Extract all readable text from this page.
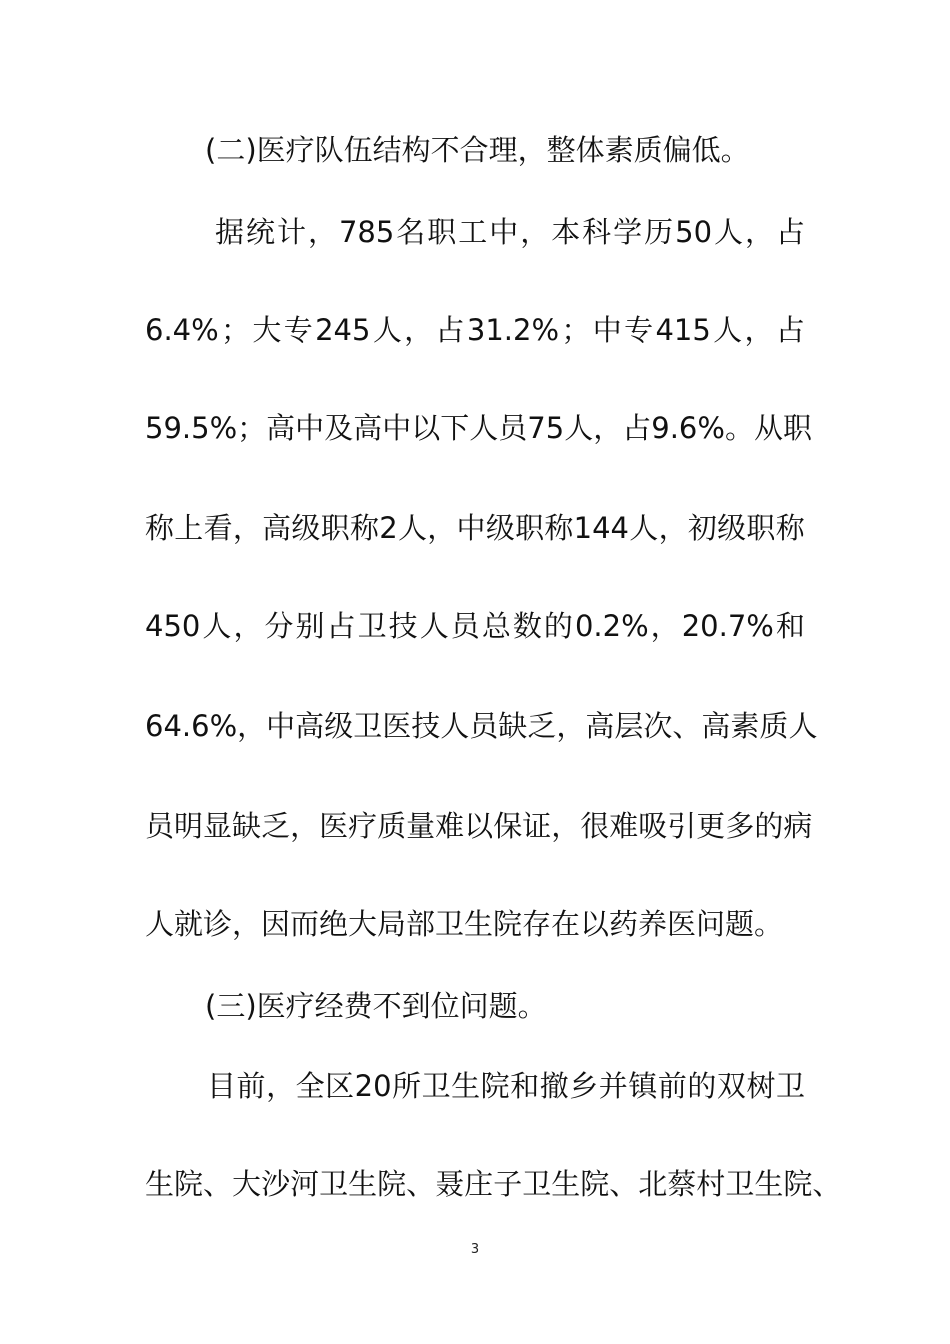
(二)医疗队伍结构不合理，整体素质偏低。
据 统 计 ， 785 名 职 工 中 ， 本 科 学 历 50 人 ， 占
6.4% ； 大 专 245 人 ， 占 31.2% ； 中 专 415 人 ， 占
59.5% ； 高 中 及 高 中 以 下 人 员 75 人 ， 占 9.6% 。 从 职
称 上 看 ， 高 级 职 称 2 人 ， 中 级 职 称 144 人 ， 初 级 职 称
450 人 ， 分 别 占 卫 技 人 员 总 数 的 0.2% ， 20.7% 和
64.6% ， 中 高 级 卫 医 技 人 员 缺 乏 ， 高 层 次 、 高 素 质 人
员 明 显 缺 乏 ， 医 疗 质 量 难 以 保 证 ， 很 难 吸 引 更 多 的 病
人就诊，因而绝大局部卫生院存在以药养医问题。
(三)医疗经费不到位问题。
目 前 ， 全 区 20 所 卫 生 院 和 撤 乡 并 镇 前 的 双 树 卫
生 院 、 大 沙 河 卫 生 院 、 聂 庄 子 卫 生 院 、 北 蔡 村 卫 生 院 、
3
